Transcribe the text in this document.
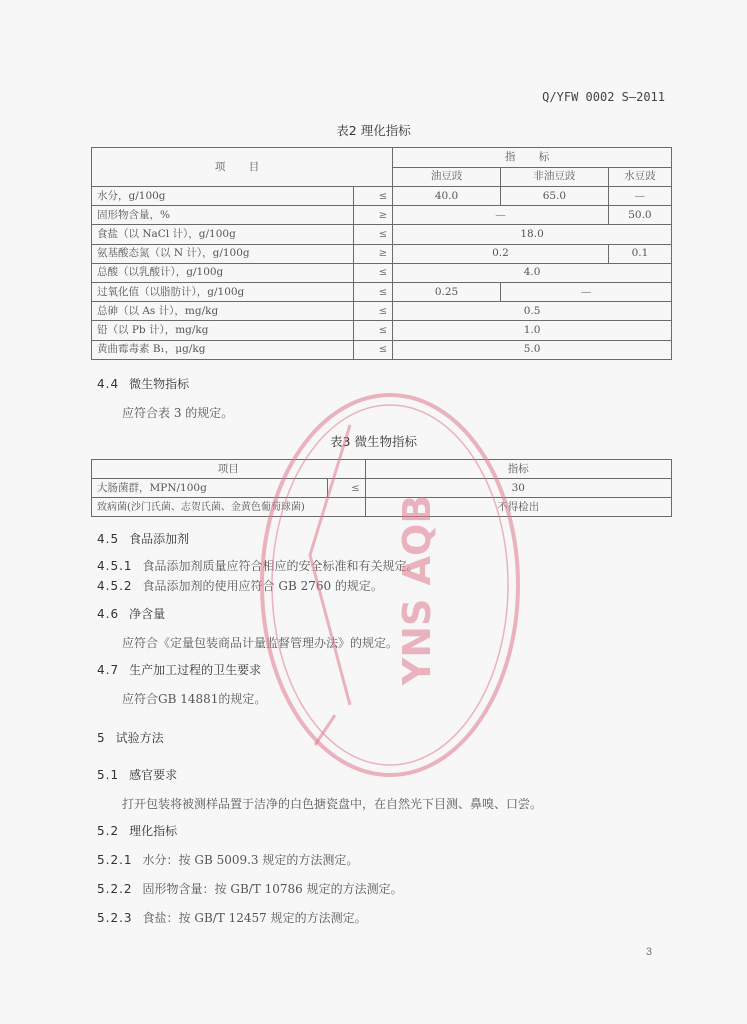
Q/YFW 0002 S—2011
表2 理化指标
项 目		指 标		
		油豆豉	非油豆豉	水豆豉
水分，g/100g	≤	40.0	65.0	—
固形物含量，%	≥	—		50.0
食盐（以 NaCl 计），g/100g	≤	18.0		
氨基酸态氮（以 N 计），g/100g	≥	0.2		0.1
总酸（以乳酸计），g/100g	≤	4.0		
过氧化值（以脂肪计），g/100g	≤	0.25	—	
总砷（以 As 计），mg/kg	≤	0.5		
铅（以 Pb 计），mg/kg	≤	1.0		
黄曲霉毒素 B₁，μg/kg	≤	5.0		
4.4 微生物指标
应符合表 3 的规定。
表3 微生物指标
项目		指标
大肠菌群，MPN/100g	≤	30
致病菌(沙门氏菌、志贺氏菌、金黄色葡萄球菌)		不得检出
4.5 食品添加剂
4.5.1 食品添加剂质量应符合相应的安全标准和有关规定。
4.5.2 食品添加剂的使用应符合 GB 2760 的规定。
4.6 净含量
应符合《定量包装商品计量监督管理办法》的规定。
4.7 生产加工过程的卫生要求
应符合GB 14881的规定。
5 试验方法
5.1 感官要求
打开包装将被测样品置于洁净的白色搪瓷盘中，在自然光下目测、鼻嗅、口尝。
5.2 理化指标
5.2.1 水分：按 GB 5009.3 规定的方法测定。
5.2.2 固形物含量：按 GB/T 10786 规定的方法测定。
5.2.3 食盐：按 GB/T 12457 规定的方法测定。
3
YNS AQB
